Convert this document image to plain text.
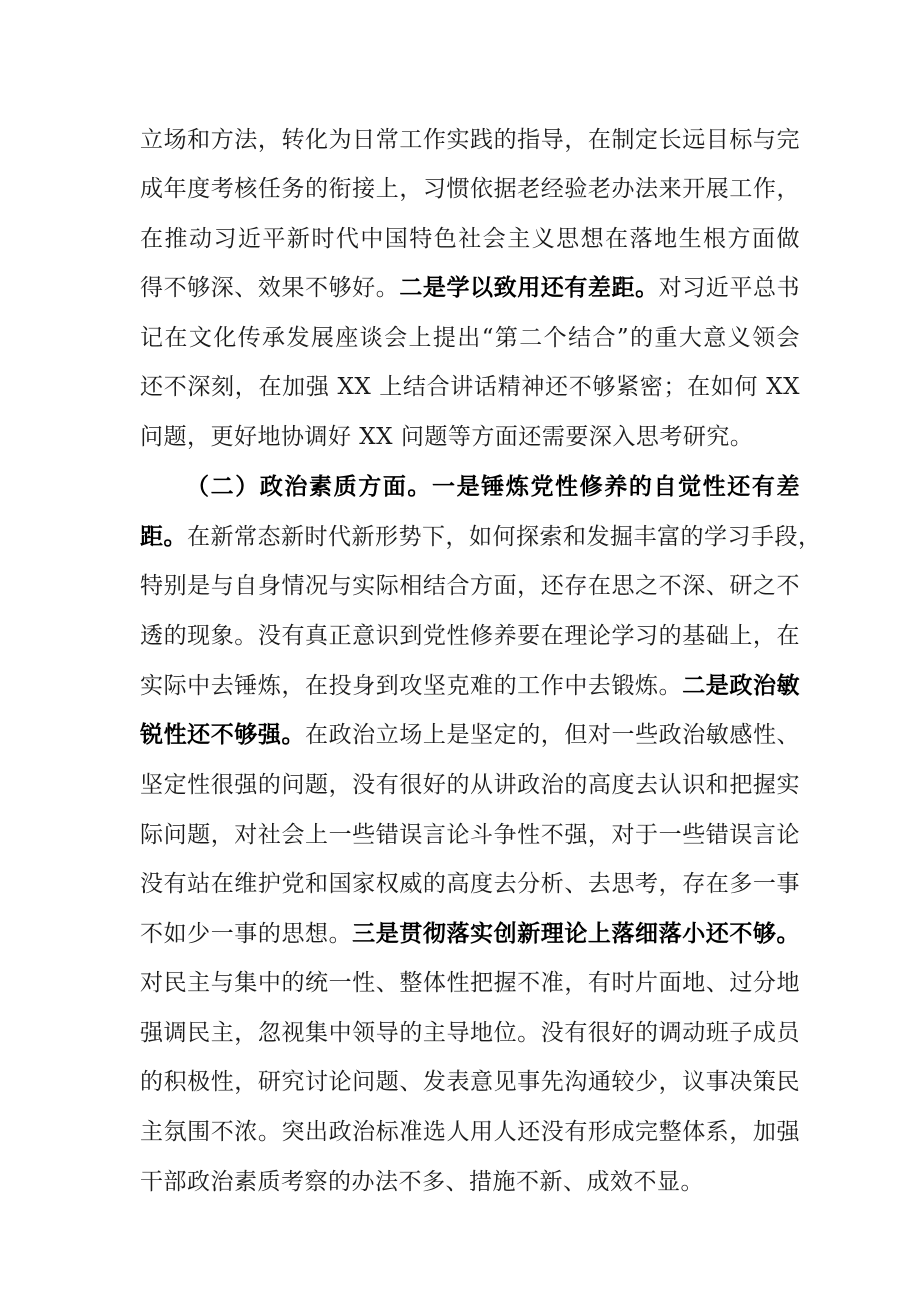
立场和方法，转化为日常工作实践的指导，在制定长远目标与完
成年度考核任务的衔接上，习惯依据老经验老办法来开展工作，
在推动习近平新时代中国特色社会主义思想在落地生根方面做
得不够深、效果不够好。二是学以致用还有差距。对习近平总书
记在文化传承发展座谈会上提出“第二个结合”的重大意义领会
还不深刻，在加强 XX 上结合讲话精神还不够紧密；在如何 XX
问题，更好地协调好 XX 问题等方面还需要深入思考研究。
（二）政治素质方面。一是锤炼党性修养的自觉性还有差
距。在新常态新时代新形势下，如何探索和发掘丰富的学习手段，
特别是与自身情况与实际相结合方面，还存在思之不深、研之不
透的现象。没有真正意识到党性修养要在理论学习的基础上，在
实际中去锤炼，在投身到攻坚克难的工作中去锻炼。二是政治敏
锐性还不够强。在政治立场上是坚定的，但对一些政治敏感性、
坚定性很强的问题，没有很好的从讲政治的高度去认识和把握实
际问题，对社会上一些错误言论斗争性不强，对于一些错误言论
没有站在维护党和国家权威的高度去分析、去思考，存在多一事
不如少一事的思想。三是贯彻落实创新理论上落细落小还不够。
对民主与集中的统一性、整体性把握不准，有时片面地、过分地
强调民主，忽视集中领导的主导地位。没有很好的调动班子成员
的积极性，研究讨论问题、发表意见事先沟通较少，议事决策民
主氛围不浓。突出政治标准选人用人还没有形成完整体系，加强
干部政治素质考察的办法不多、措施不新、成效不显。
